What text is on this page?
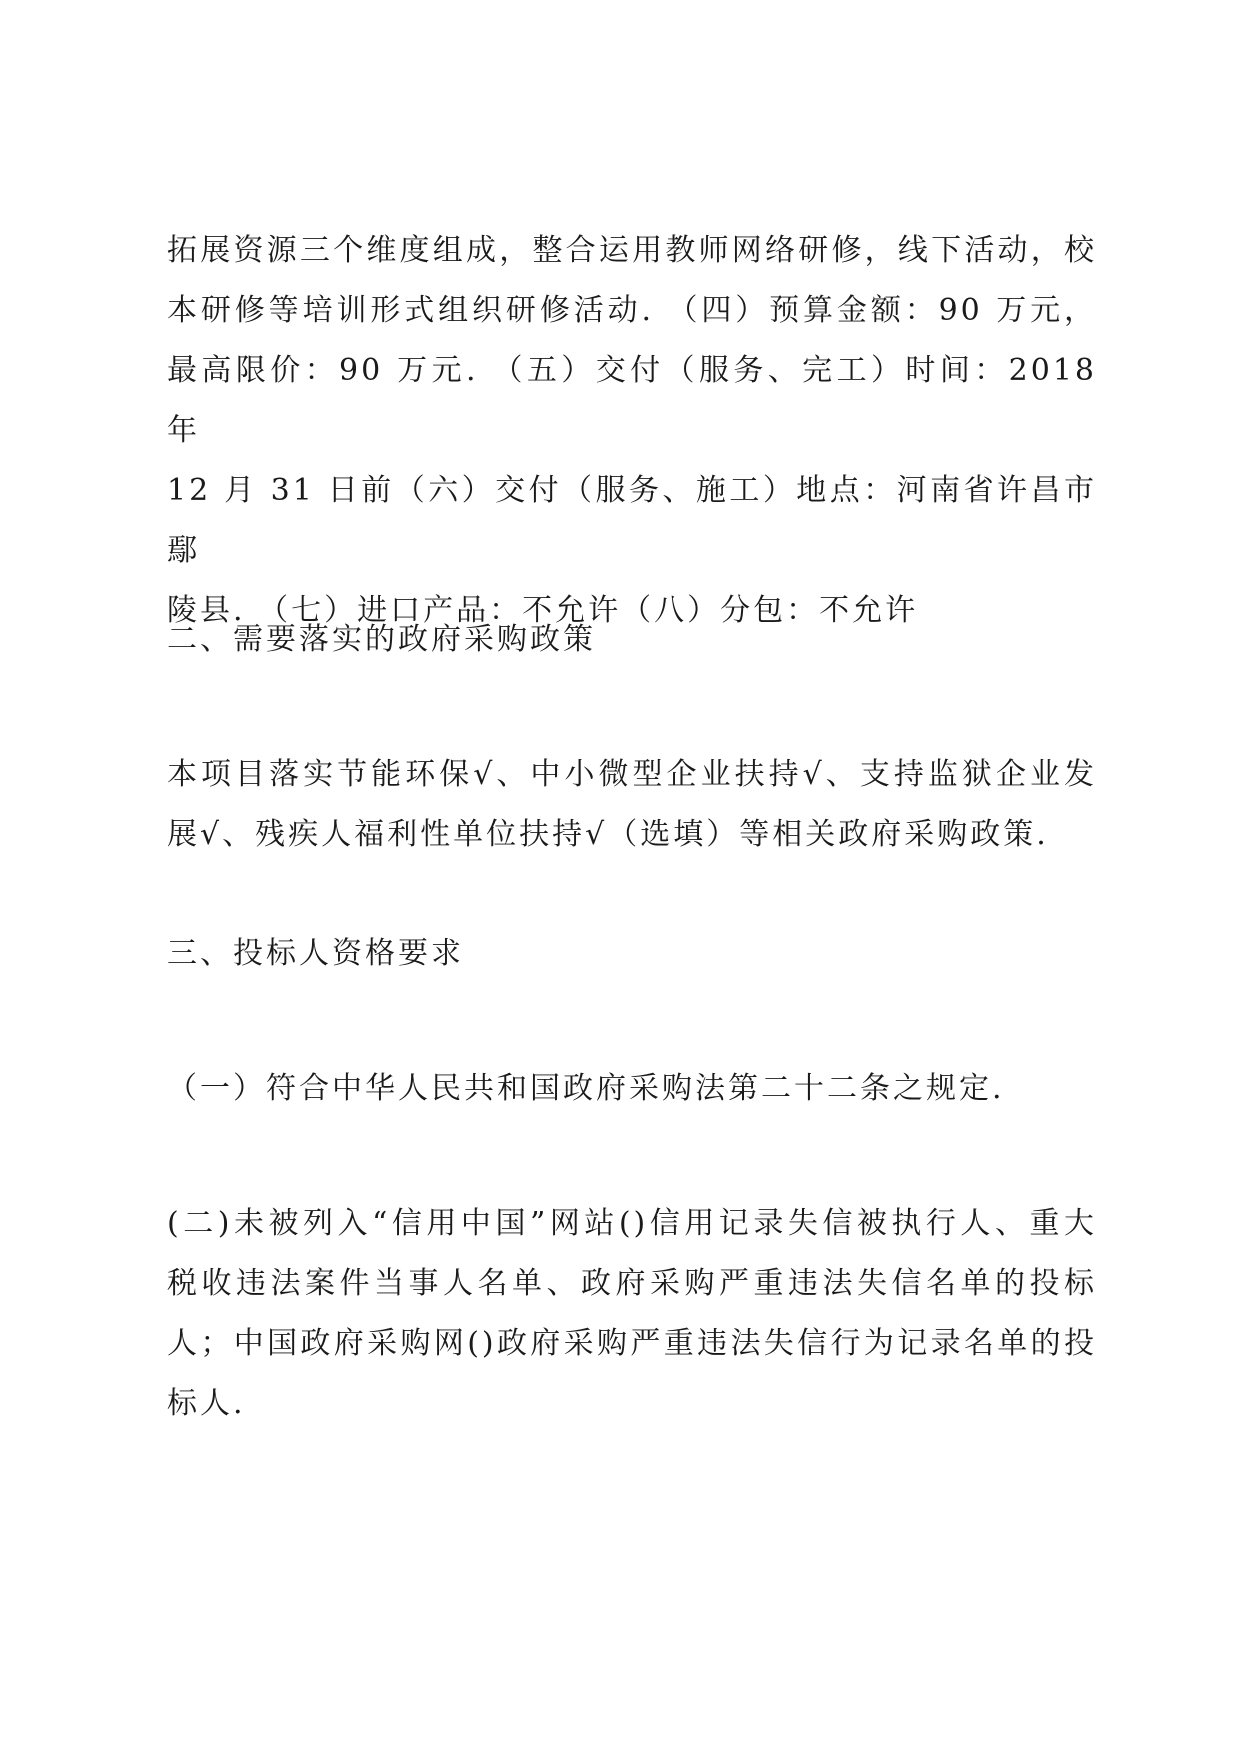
拓展资源三个维度组成，整合运用教师网络研修，线下活动，校
本研修等培训形式组织研修活动. （四）预算金额：90 万元，
最高限价：90 万元. （五）交付（服务、完工）时间：2018 年
12 月 31 日前（六）交付（服务、施工）地点：河南省许昌市鄢
陵县. （七）进口产品：不允许（八）分包：不允许

二、需要落实的政府采购政策

本项目落实节能环保√、中小微型企业扶持√、支持监狱企业发
展√、残疾人福利性单位扶持√（选填）等相关政府采购政策.

三、投标人资格要求

（一）符合中华人民共和国政府采购法第二十二条之规定.

(二)未被列入“信用中国”网站()信用记录失信被执行人、重大
税收违法案件当事人名单、政府采购严重违法失信名单的投标
人；中国政府采购网()政府采购严重违法失信行为记录名单的投
标人.
